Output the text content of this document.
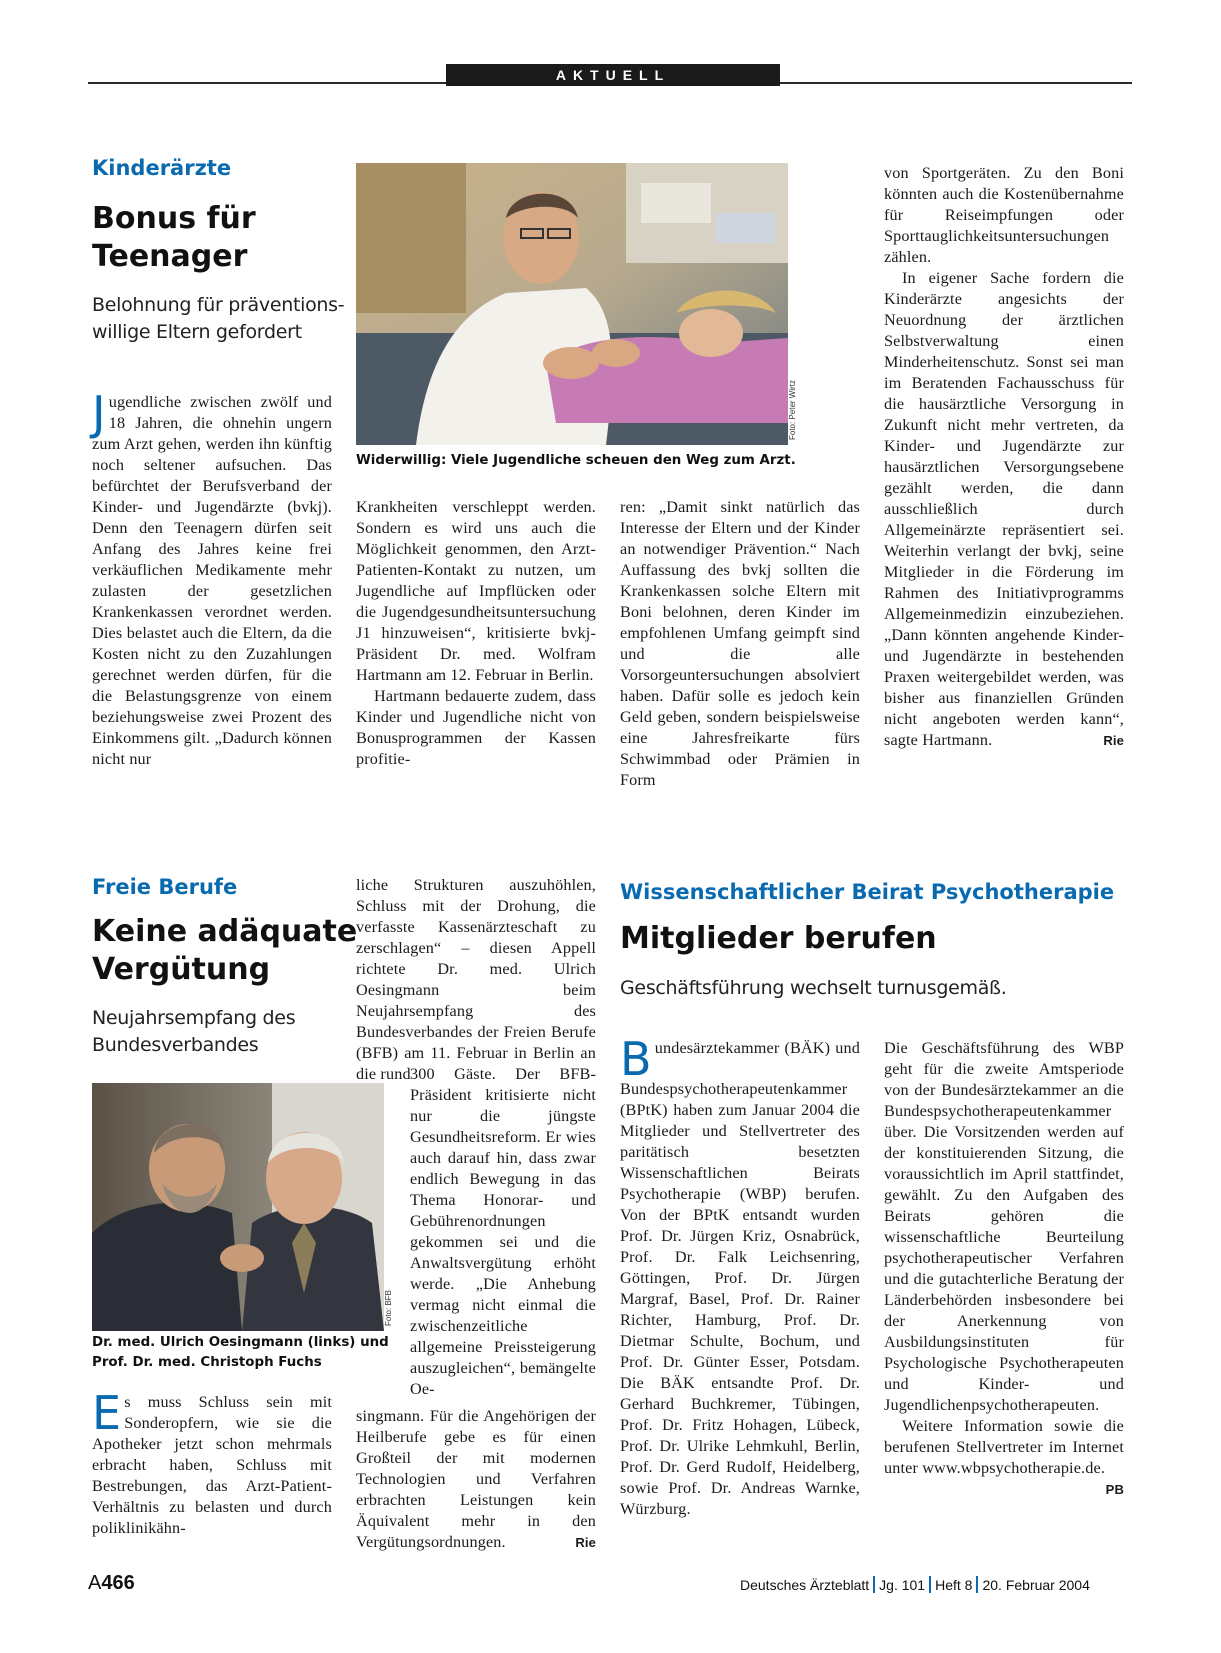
AKTUELL
Kinderärzte
Bonus für
Teenager
Belohnung für präventions-
willige Eltern gefordert
Foto: Peter Wirtz
Widerwillig: Viele Jugendliche scheuen den Weg zum Arzt.

Jugendliche zwischen zwölf und 18 Jahren, die ohnehin ungern zum Arzt gehen, werden ihn künftig noch seltener aufsuchen. Das befürchtet der Berufsverband der Kinder- und Jugendärzte (bvkj). Denn den Teenagern dürfen seit Anfang des Jahres keine frei verkäuflichen Medikamente mehr zulasten der gesetzlichen Krankenkassen verordnet werden. Dies belastet auch die Eltern, da die Kosten nicht zu den Zuzahlungen gerechnet werden dürfen, für die die Belastungsgrenze von einem beziehungsweise zwei Prozent des Einkommens gilt. „Dadurch können nicht nur

Krankheiten verschleppt werden. Sondern es wird uns auch die Möglichkeit genommen, den Arzt-Patienten-Kontakt zu nutzen, um Jugendliche auf Impflücken oder die Jugendgesundheitsuntersuchung J1 hinzuweisen“, kritisierte bvkj-Präsident Dr. med. Wolfram Hartmann am 12. Februar in Berlin.

Hartmann bedauerte zudem, dass Kinder und Jugendliche nicht von Bonusprogrammen der Kassen profitie-

ren: „Damit sinkt natürlich das Interesse der Eltern und der Kinder an notwendiger Prävention.“ Nach Auffassung des bvkj sollten die Krankenkassen solche Eltern mit Boni belohnen, deren Kinder im empfohlenen Umfang geimpft sind und die alle Vorsorgeuntersuchungen absolviert haben. Dafür solle es jedoch kein Geld geben, sondern beispielsweise eine Jahresfreikarte fürs Schwimmbad oder Prämien in Form

von Sportgeräten. Zu den Boni könnten auch die Kostenübernahme für Reiseimpfungen oder Sporttauglichkeitsuntersuchungen zählen.

In eigener Sache fordern die Kinderärzte angesichts der Neuordnung der ärztlichen Selbstverwaltung einen Minderheitenschutz. Sonst sei man im Beratenden Fachausschuss für die hausärztliche Versorgung in Zukunft nicht mehr vertreten, da Kinder- und Jugendärzte zur hausärztlichen Versorgungsebene gezählt werden, die dann ausschließlich durch Allgemeinärzte repräsentiert sei. Weiterhin verlangt der bvkj, seine Mitglieder in die Förderung im Rahmen des Initiativprogramms Allgemeinmedizin einzubeziehen. „Dann könnten angehende Kinder- und Jugendärzte in bestehenden Praxen weitergebildet werden, was bisher aus finanziellen Gründen nicht angeboten werden kann“, sagte Hartmann.	Rie

Freie Berufe
Keine adäquate
Vergütung
Neujahrsempfang des
Bundesverbandes
Foto: BFB
Dr. med. Ulrich Oesingmann (links) und
Prof. Dr. med. Christoph Fuchs

Es muss Schluss sein mit Sonderopfern, wie sie die Apotheker jetzt schon mehrmals erbracht haben, Schluss mit Bestrebungen, das Arzt-Patient-Verhältnis zu belasten und durch poliklinikähn-

liche Strukturen auszuhöhlen, Schluss mit der Drohung, die verfasste Kassenärzteschaft zu zerschlagen“ – diesen Appell richtete Dr. med. Ulrich Oesingmann beim Neujahrsempfang des Bundesverbandes der Freien Berufe (BFB) am 11. Februar in Berlin an die rund 300 Gäste. Der BFB-Präsident kritisierte nicht nur die jüngste Gesundheitsreform. Er wies auch darauf hin, dass zwar endlich Bewegung in das Thema Honorar- und Gebührenordnungen gekommen sei und die Anwaltsvergütung erhöht werde. „Die Anhebung vermag nicht einmal die zwischenzeitliche allgemeine Preissteigerung auszugleichen“, bemängelte Oe-

singmann. Für die Angehörigen der Heilberufe gebe es für einen Großteil der mit modernen Technologien und Verfahren erbrachten Leistungen kein Äquivalent mehr in den Vergütungsordnungen.	Rie

Wissenschaftlicher Beirat Psychotherapie
Mitglieder berufen
Geschäftsführung wechselt turnusgemäß.

Bundesärztekammer (BÄK) und Bundespsychotherapeutenkammer (BPtK) haben zum Januar 2004 die Mitglieder und Stellvertreter des paritätisch besetzten Wissenschaftlichen Beirats Psychotherapie (WBP) berufen. Von der BPtK entsandt wurden Prof. Dr. Jürgen Kriz, Osnabrück, Prof. Dr. Falk Leichsenring, Göttingen, Prof. Dr. Jürgen Margraf, Basel, Prof. Dr. Rainer Richter, Hamburg, Prof. Dr. Dietmar Schulte, Bochum, und Prof. Dr. Günter Esser, Potsdam. Die BÄK entsandte Prof. Dr. Gerhard Buchkremer, Tübingen, Prof. Dr. Fritz Hohagen, Lübeck, Prof. Dr. Ulrike Lehmkuhl, Berlin, Prof. Dr. Gerd Rudolf, Heidelberg, sowie Prof. Dr. Andreas Warnke, Würzburg.

Die Geschäftsführung des WBP geht für die zweite Amtsperiode von der Bundesärztekammer an die Bundespsychotherapeutenkammer über. Die Vorsitzenden werden auf der konstituierenden Sitzung, die voraussichtlich im April stattfindet, gewählt. Zu den Aufgaben des Beirats gehören die wissenschaftliche Beurteilung psychotherapeutischer Verfahren und die gutachterliche Beratung der Länderbehörden insbesondere bei der Anerkennung von Ausbildungsinstituten für Psychologische Psychotherapeuten und Kinder- und Jugendlichenpsychotherapeuten.

Weitere Information sowie die berufenen Stellvertreter im Internet unter www.wbpsychotherapie.de.
PB

A466	Deutsches Ärzteblatt Jg. 101 Heft 8 20. Februar 2004
